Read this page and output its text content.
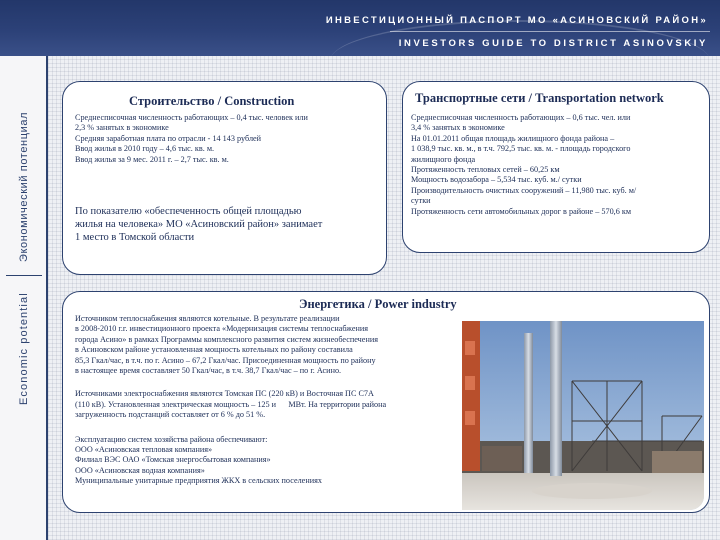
ИНВЕСТИЦИОННЫЙ ПАСПОРТ МО «АСИНОВСКИЙ РАЙОН»
INVESTORS GUIDE TO DISTRICT ASINOVSKIY
Экономический потенциал
Economic potential
Строительство / Construction
Среднесписочная численность работающих – 0,4 тыс. человек или
2,3 % занятых в экономике
Средняя заработная плата по отрасли - 14 143 рублей
Ввод жилья в 2010 году – 4,6 тыс. кв. м.
Ввод жилья за 9 мес. 2011 г. – 2,7 тыс. кв. м.
По показателю «обеспеченность общей площадью
жилья на человека» МО «Асиновский район» занимает
1 место в Томской области
Транспортные сети / Transportation network
Среднесписочная численность работающих – 0,6 тыс. чел. или
3,4 % занятых в экономике
На 01.01.2011 общая площадь жилищного фонда района –
1 038,9 тыс. кв. м., в т.ч. 792,5 тыс. кв. м. - площадь городского
жилищного фонда
Протяженность тепловых сетей – 60,25 км
Мощность водозабора – 5,534 тыс. куб. м./ сутки
Производительность очистных сооружений – 11,980 тыс. куб. м/
сутки
Протяженность сети автомобильных дорог в районе – 570,6 км
Энергетика / Power industry
Источником теплоснабжения являются котельные. В результате реализации
в 2008-2010 г.г. инвестиционного проекта «Модернизация системы теплоснабжения
города Асино» в рамках Программы комплексного развития систем жизнеобеспечения
в Асиновском районе установленная мощность котельных по району составила
85,3 Гкал/час, в т.ч. по г. Асино – 67,2 Гкал/час. Присоединенная мощность по району
в настоящее время составляет 50 Гкал/час, в т.ч. 38,7 Гкал/час – по г. Асино.
Источниками электроснабжения являются Томская ПС (220 кВ) и Восточная ПС С7А
(110 кВ). Установленная электрическая мощность – 125 и      МВт. На территории района
загруженность подстанций составляет от 6 % до 51 %.
Эксплуатацию систем хозяйства района обеспечивают:
ООО «Асиновская тепловая компания»
Филиал ВЭС ОАО «Томская энергосбытовая компания»
ООО «Асиновская водная компания»
Муниципальные унитарные предприятия ЖКХ в сельских поселениях
